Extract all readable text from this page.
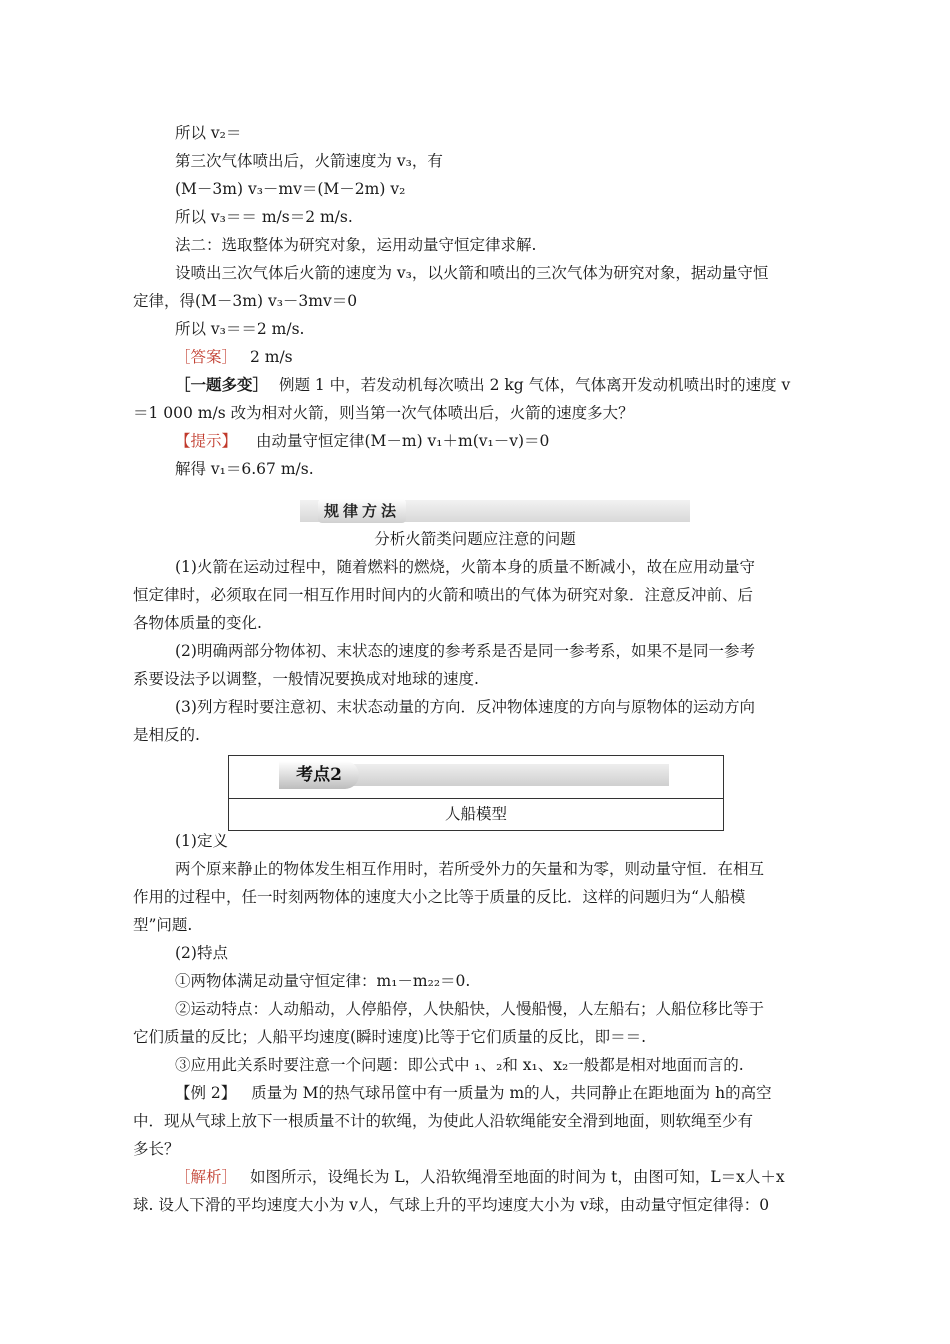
所以 v₂＝
第三次气体喷出后，火箭速度为 v₃，有
(M－3m) v₃－mv＝(M－2m) v₂
所以 v₃＝＝ m/s＝2 m/s.
法二：选取整体为研究对象，运用动量守恒定律求解.
设喷出三次气体后火箭的速度为 v₃，以火箭和喷出的三次气体为研究对象，据动量守恒
定律，得(M－3m) v₃－3mv＝0
所以 v₃＝＝2 m/s.
［答案］ 2 m/s
［一题多变］ 例题 1 中，若发动机每次喷出 2 kg 气体，气体离开发动机喷出时的速度 v
＝1 000 m/s 改为相对火箭，则当第一次气体喷出后，火箭的速度多大？
【提示】 由动量守恒定律(M－m) v₁＋m(v₁－v)＝0
解得 v₁＝6.67 m/s.
规律方法
分析火箭类问题应注意的问题
(1)火箭在运动过程中，随着燃料的燃烧，火箭本身的质量不断减小，故在应用动量守
恒定律时，必须取在同一相互作用时间内的火箭和喷出的气体为研究对象．注意反冲前、后
各物体质量的变化.
(2)明确两部分物体初、末状态的速度的参考系是否是同一参考系，如果不是同一参考
系要设法予以调整，一般情况要换成对地球的速度.
(3)列方程时要注意初、末状态动量的方向．反冲物体速度的方向与原物体的运动方向
是相反的.
考点2
人船模型
(1)定义
两个原来静止的物体发生相互作用时，若所受外力的矢量和为零，则动量守恒．在相互
作用的过程中，任一时刻两物体的速度大小之比等于质量的反比．这样的问题归为“人船模
型”问题.
(2)特点
①两物体满足动量守恒定律：m₁－m₂₂＝0.
②运动特点：人动船动，人停船停，人快船快，人慢船慢，人左船右；人船位移比等于
它们质量的反比；人船平均速度(瞬时速度)比等于它们质量的反比，即＝＝.
③应用此关系时要注意一个问题：即公式中 ₁、₂和 x₁、x₂一般都是相对地面而言的.
【例 2】 质量为 M的热气球吊筐中有一质量为 m的人，共同静止在距地面为 h的高空
中．现从气球上放下一根质量不计的软绳，为使此人沿软绳能安全滑到地面，则软绳至少有
多长？
［解析］ 如图所示，设绳长为 L，人沿软绳滑至地面的时间为 t，由图可知，L＝x人＋x
球. 设人下滑的平均速度大小为 v人，气球上升的平均速度大小为 v球，由动量守恒定律得：0
